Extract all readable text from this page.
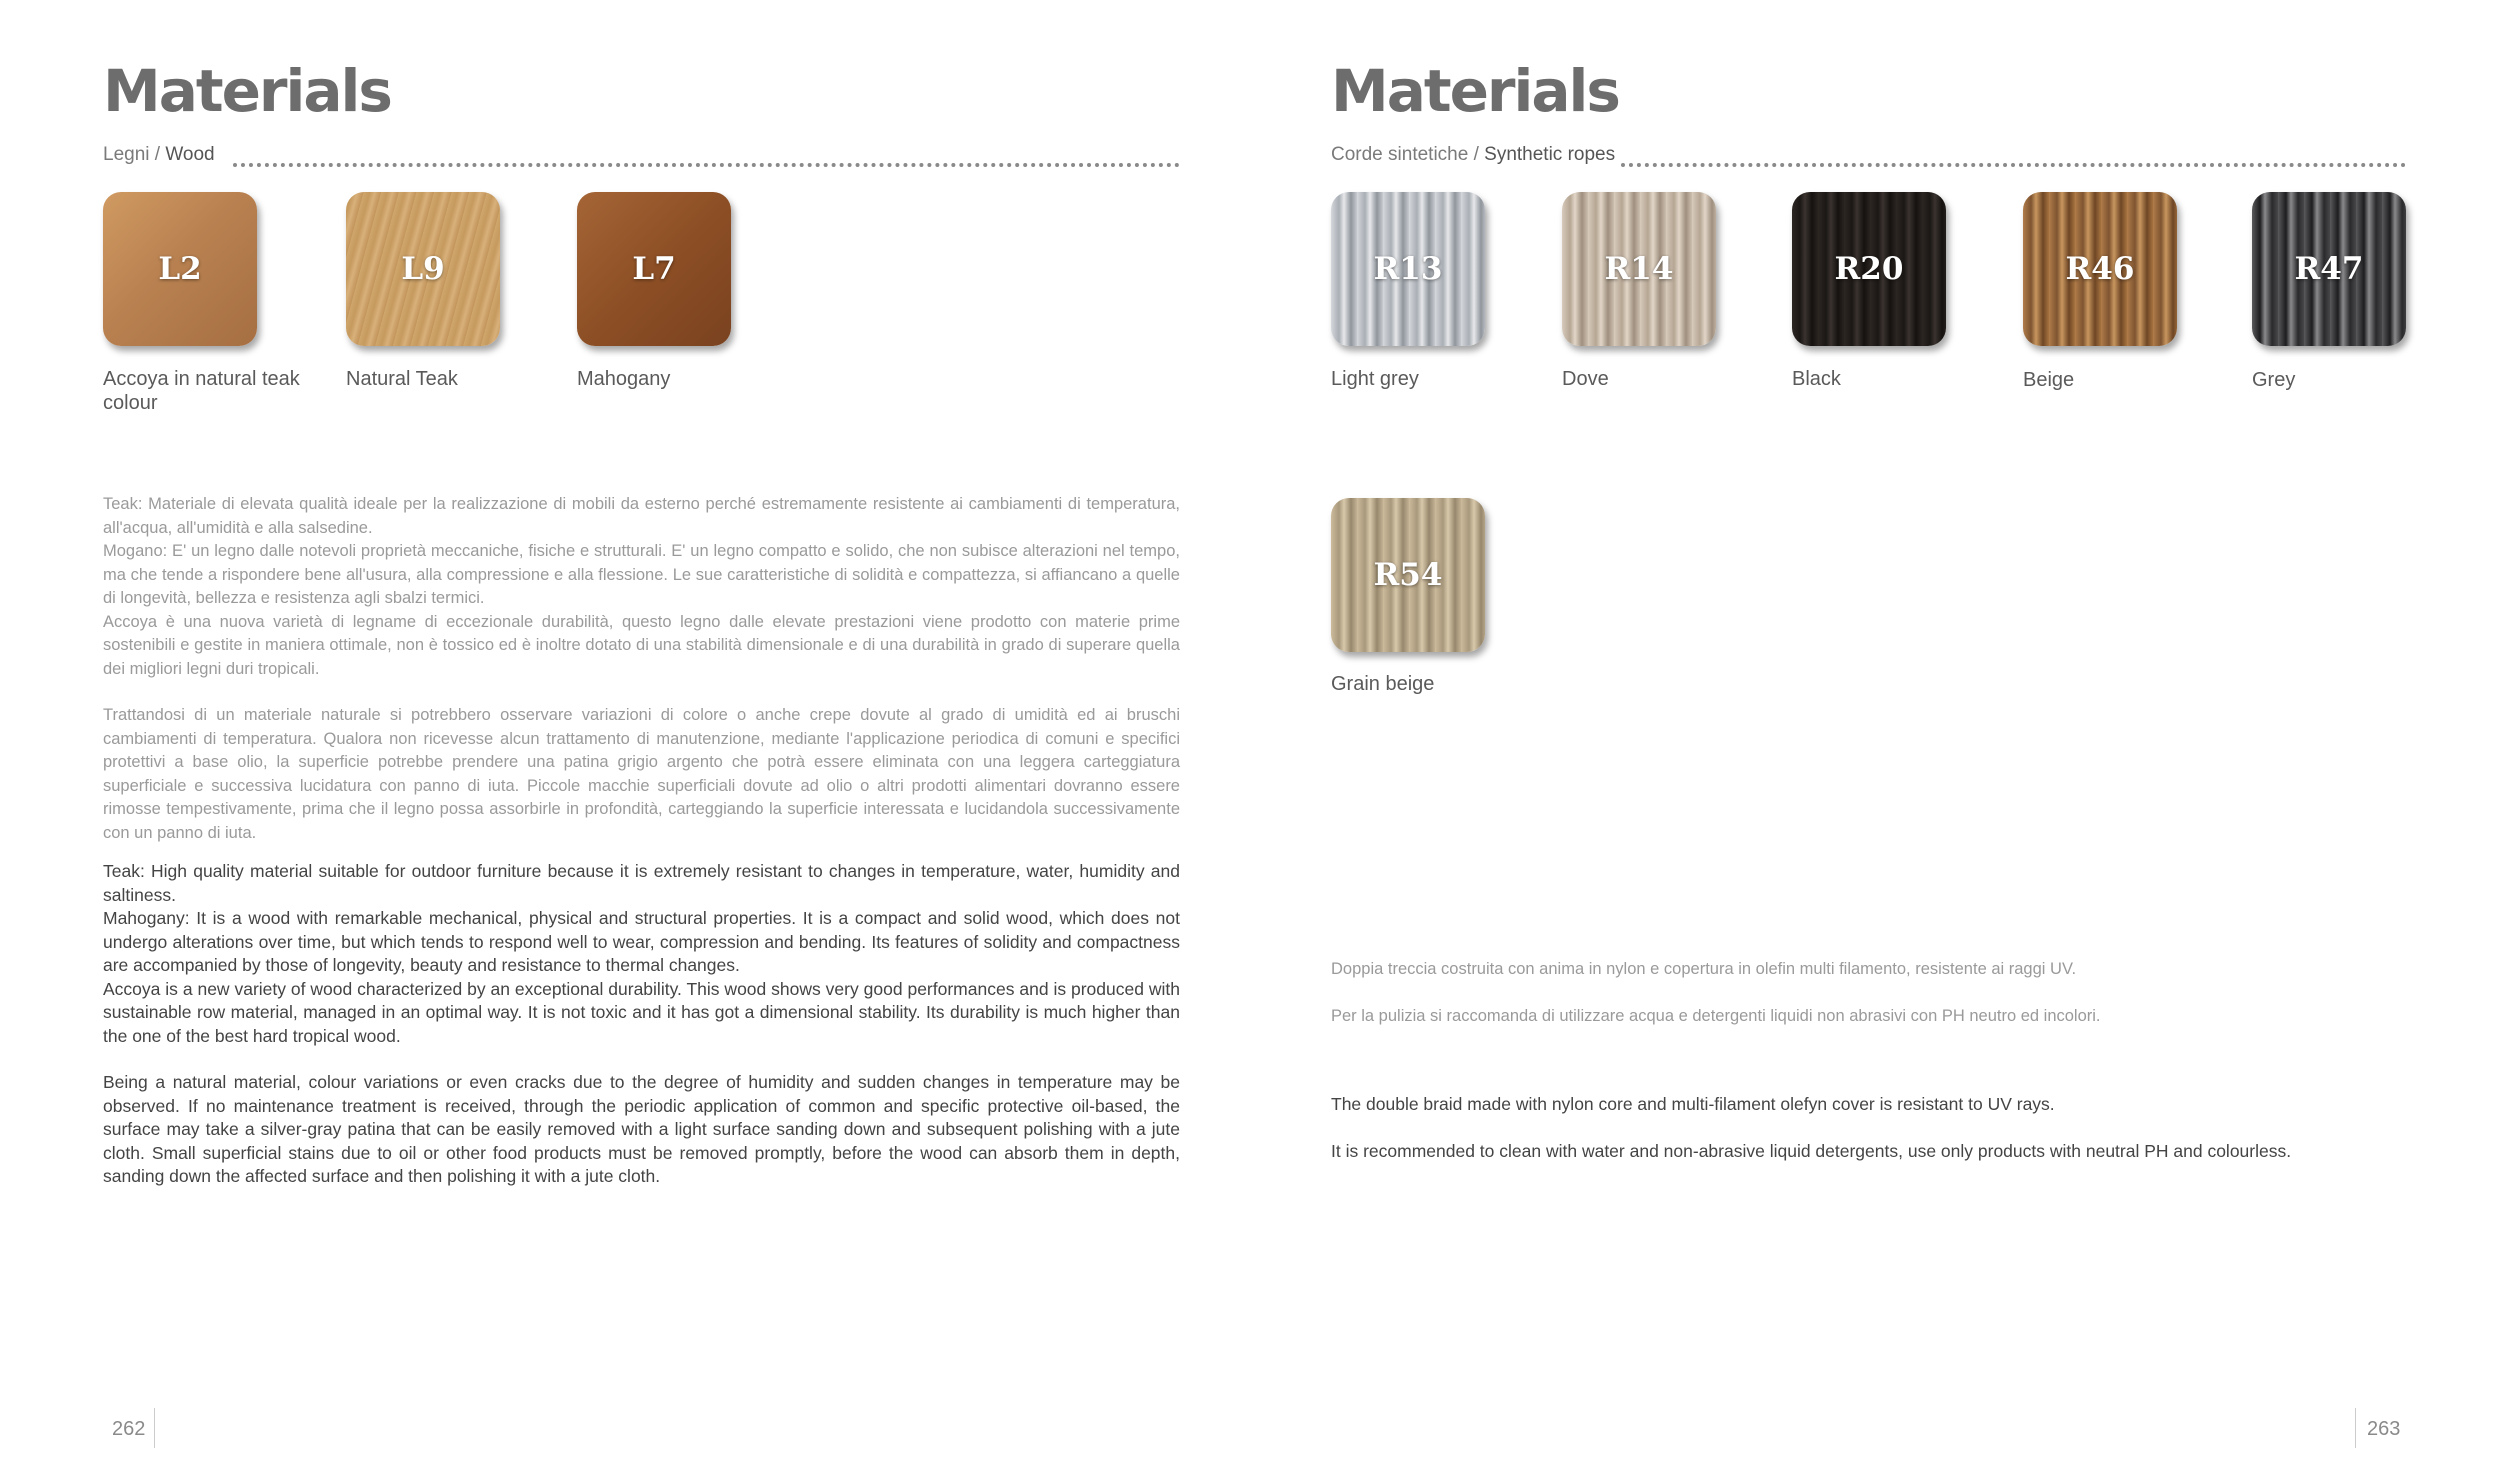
Materials
Legni / Wood
L2
Accoya in natural teak colour
L9
Natural Teak
L7
Mahogany
Teak: Materiale di elevata qualità ideale per la realizzazione di mobili da esterno perché estremamente resistente ai cambiamenti di temperatura, all'acqua, all'umidità e alla salsedine.
Mogano: E' un legno dalle notevoli proprietà meccaniche, fisiche e strutturali. E' un legno compatto e solido, che non subisce alterazioni nel tempo, ma che tende a rispondere bene all'usura, alla compressione e alla flessione. Le sue caratteristiche di solidità e compattezza, si affiancano a quelle di longevità, bellezza e resistenza agli sbalzi termici.
Accoya è una nuova varietà di legname di eccezionale durabilità, questo legno dalle elevate prestazioni viene prodotto con materie prime sostenibili e gestite in maniera ottimale, non è tossico ed è inoltre dotato di una stabilità dimensionale e di una durabilità in grado di superare quella dei migliori legni duri tropicali.
Trattandosi di un materiale naturale si potrebbero osservare variazioni di colore o anche crepe dovute al grado di umidità ed ai bruschi cambiamenti di temperatura. Qualora non ricevesse alcun trattamento di manutenzione, mediante l'applicazione periodica di comuni e specifici protettivi a base olio, la superficie potrebbe prendere una patina grigio argento che potrà essere eliminata con una leggera carteggiatura superficiale e successiva lucidatura con panno di iuta. Piccole macchie superficiali dovute ad olio o altri prodotti alimentari dovranno essere rimosse tempestivamente, prima che il legno possa assorbirle in profondità, carteggiando la superficie interessata e lucidandola successivamente con un panno di iuta.
Teak: High quality material suitable for outdoor furniture because it is extremely resistant to changes in temperature, water, humidity and saltiness.
Mahogany: It is a wood with remarkable mechanical, physical and structural properties. It is a compact and solid wood, which does not undergo alterations over time, but which tends to respond well to wear, compression and bending. Its features of solidity and compactness are accompanied by those of longevity, beauty and resistance to thermal changes.
Accoya is a new variety of wood characterized by an exceptional durability. This wood shows very good performances and is produced with sustainable row material, managed in an optimal way. It is not toxic and it has got a dimensional stability. Its durability is much higher than the one of the best hard tropical wood.
Being a natural material, colour variations or even cracks due to the degree of humidity and sudden changes in temperature may be observed. If no maintenance treatment is received, through the periodic application of common and specific protective oil-based, the surface may take a silver-gray patina that can be easily removed with a light surface sanding down and subsequent polishing with a jute cloth. Small superficial stains due to oil or other food products must be removed promptly, before the wood can absorb them in depth, sanding down the affected surface and then polishing it with a jute cloth.
262
Materials
Corde sintetiche / Synthetic ropes
R13
Light grey
R14
Dove
R20
Black
R46
Beige
R47
Grey
R54
Grain beige
Doppia treccia costruita con anima in nylon e copertura in olefin multi filamento, resistente ai raggi UV.
Per la pulizia si raccomanda di utilizzare acqua e detergenti liquidi non abrasivi con PH neutro ed incolori.
The double braid made with nylon core and multi-filament olefyn cover is resistant to UV rays.
It is recommended to clean with water and non-abrasive liquid detergents, use only products with neutral PH and colourless.
263
